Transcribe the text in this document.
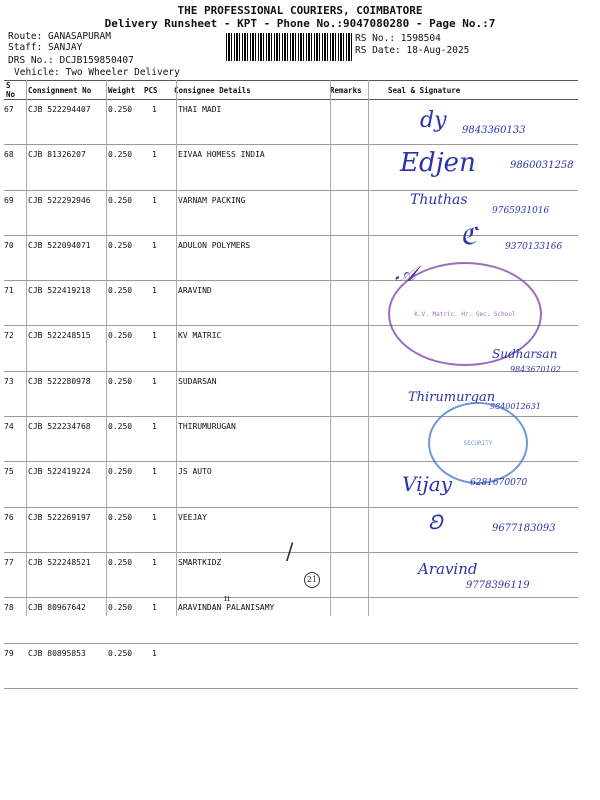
THE PROFESSIONAL COURIERS, COIMBATORE
Delivery Runsheet - KPT - Phone No.:9047080280 - Page No.:7
Route: GANASAPURAM
Staff: SANJAY
DRS No.: DCJB159850407
Vehicle: Two Wheeler Delivery
RS No.: 1598504
RS Date: 18-Aug-2025
S No	Consignment No	Weight	PCS	Consignee Details	Remarks	Seal & Signature
67	CJB 522294407	0.250	1	THAI MADI		
68	CJB 81326207	0.250	1	EIVAA HOMESS INDIA		
69	CJB 522292946	0.250	1	VARNAM PACKING		
70	CJB 522094071	0.250	1	ADULON POLYMERS		
71	CJB 522419218	0.250	1	ARAVIND		
72	CJB 522248515	0.250	1	KV MATRIC		
73	CJB 522280978	0.250	1	SUDARSAN		
74	CJB 522234768	0.250	1	THIRUMURUGAN		
75	CJB 522419224	0.250	1	JS AUTO		
76	CJB 522269197	0.250	1	VEEJAY		
77	CJB 522248521	0.250	1	SMARTKIDZ		
78	CJB 80967642	0.250	1	ARAVINDAN PALANISAMY		
79	CJB 80895853	0.250	1			
dy 9843360133
Edjen	9860031258
Thuthas
9765931016
ℭ	9370133166
𝒜
K.V. Matric. Hr. Sec. School
Sudharsan
9843670102
Thirumurgan
9840012631
SECURITY
Vijay 6281670070
Ꞝ	9677183093
/
21
Aravind
9778396119
ıı
